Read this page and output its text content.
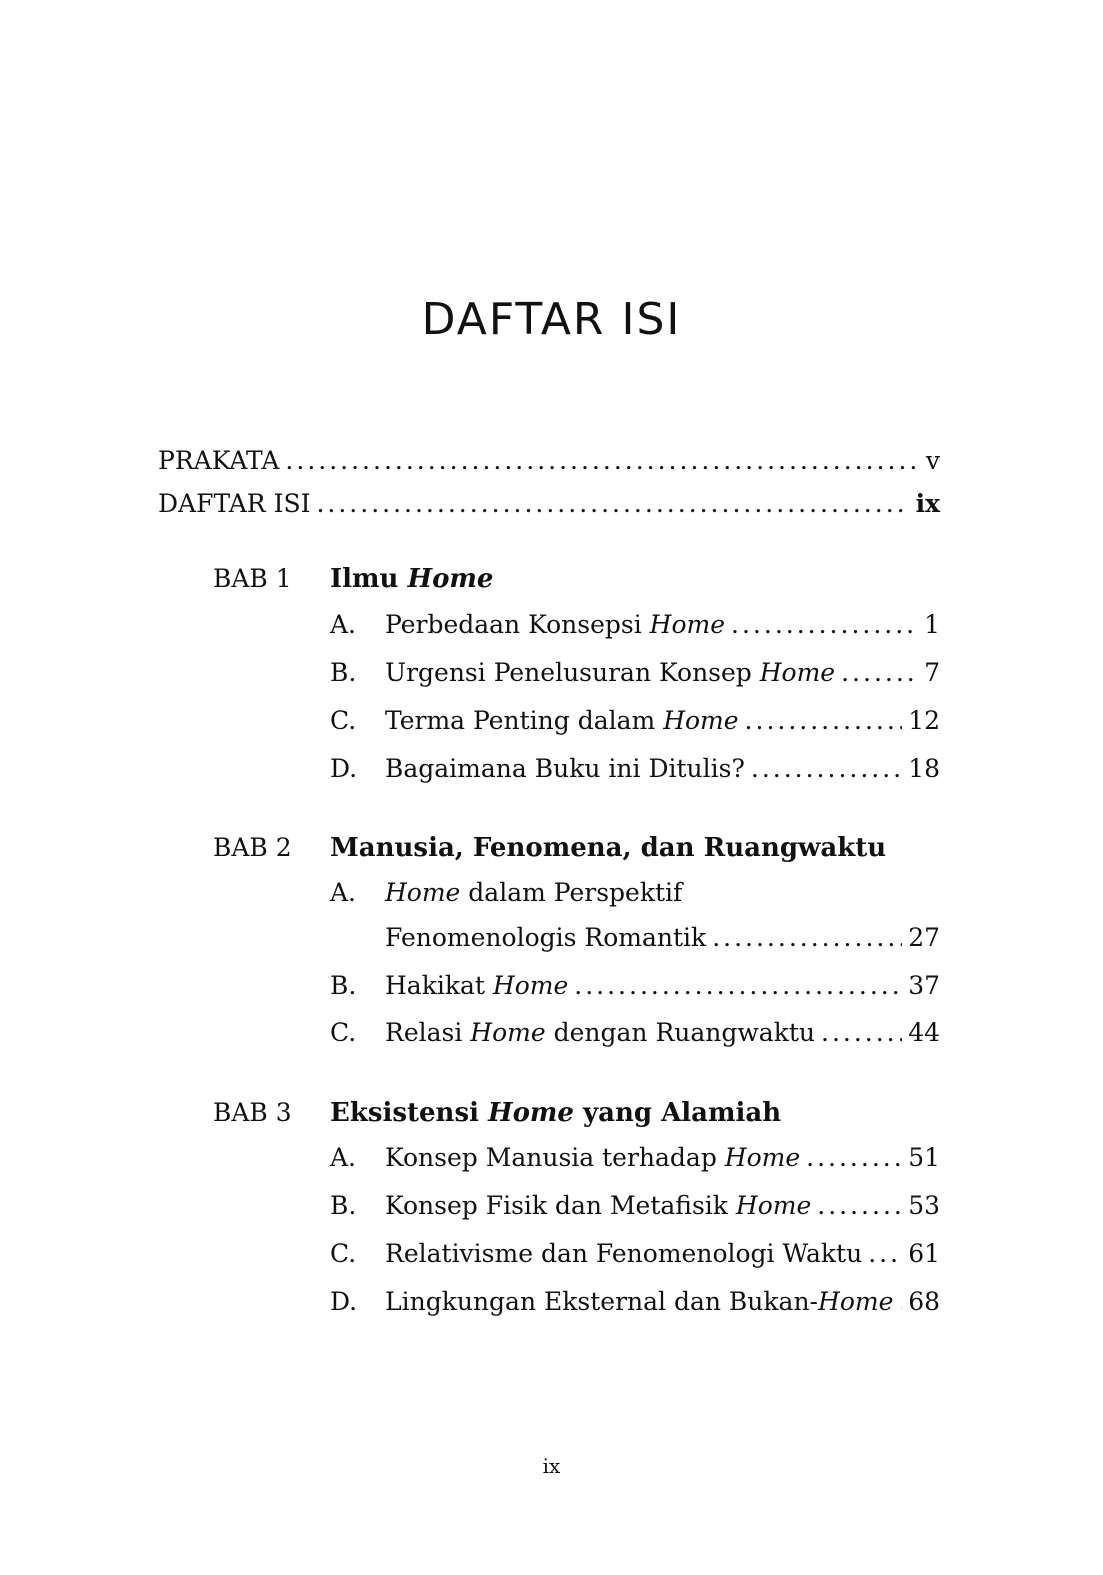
DAFTAR ISI
PRAKATA .....	v
DAFTAR ISI .....	ix
BAB 1 Ilmu Home
A. Perbedaan Konsepsi Home .....	1
B. Urgensi Penelusuran Konsep Home .....	7
C. Terma Penting dalam Home .....	12
D. Bagaimana Buku ini Ditulis? .....	18
BAB 2 Manusia, Fenomena, dan Ruangwaktu
A. Home dalam Perspektif
Fenomenologis Romantik .....	27
B. Hakikat Home .....	37
C. Relasi Home dengan Ruangwaktu .....	44
BAB 3 Eksistensi Home yang Alamiah
A. Konsep Manusia terhadap Home .....	51
B. Konsep Fisik dan Metafisik Home .....	53
C. Relativisme dan Fenomenologi Waktu ..... 61
D. Lingkungan Eksternal dan Bukan-Home ..... 68
ix
